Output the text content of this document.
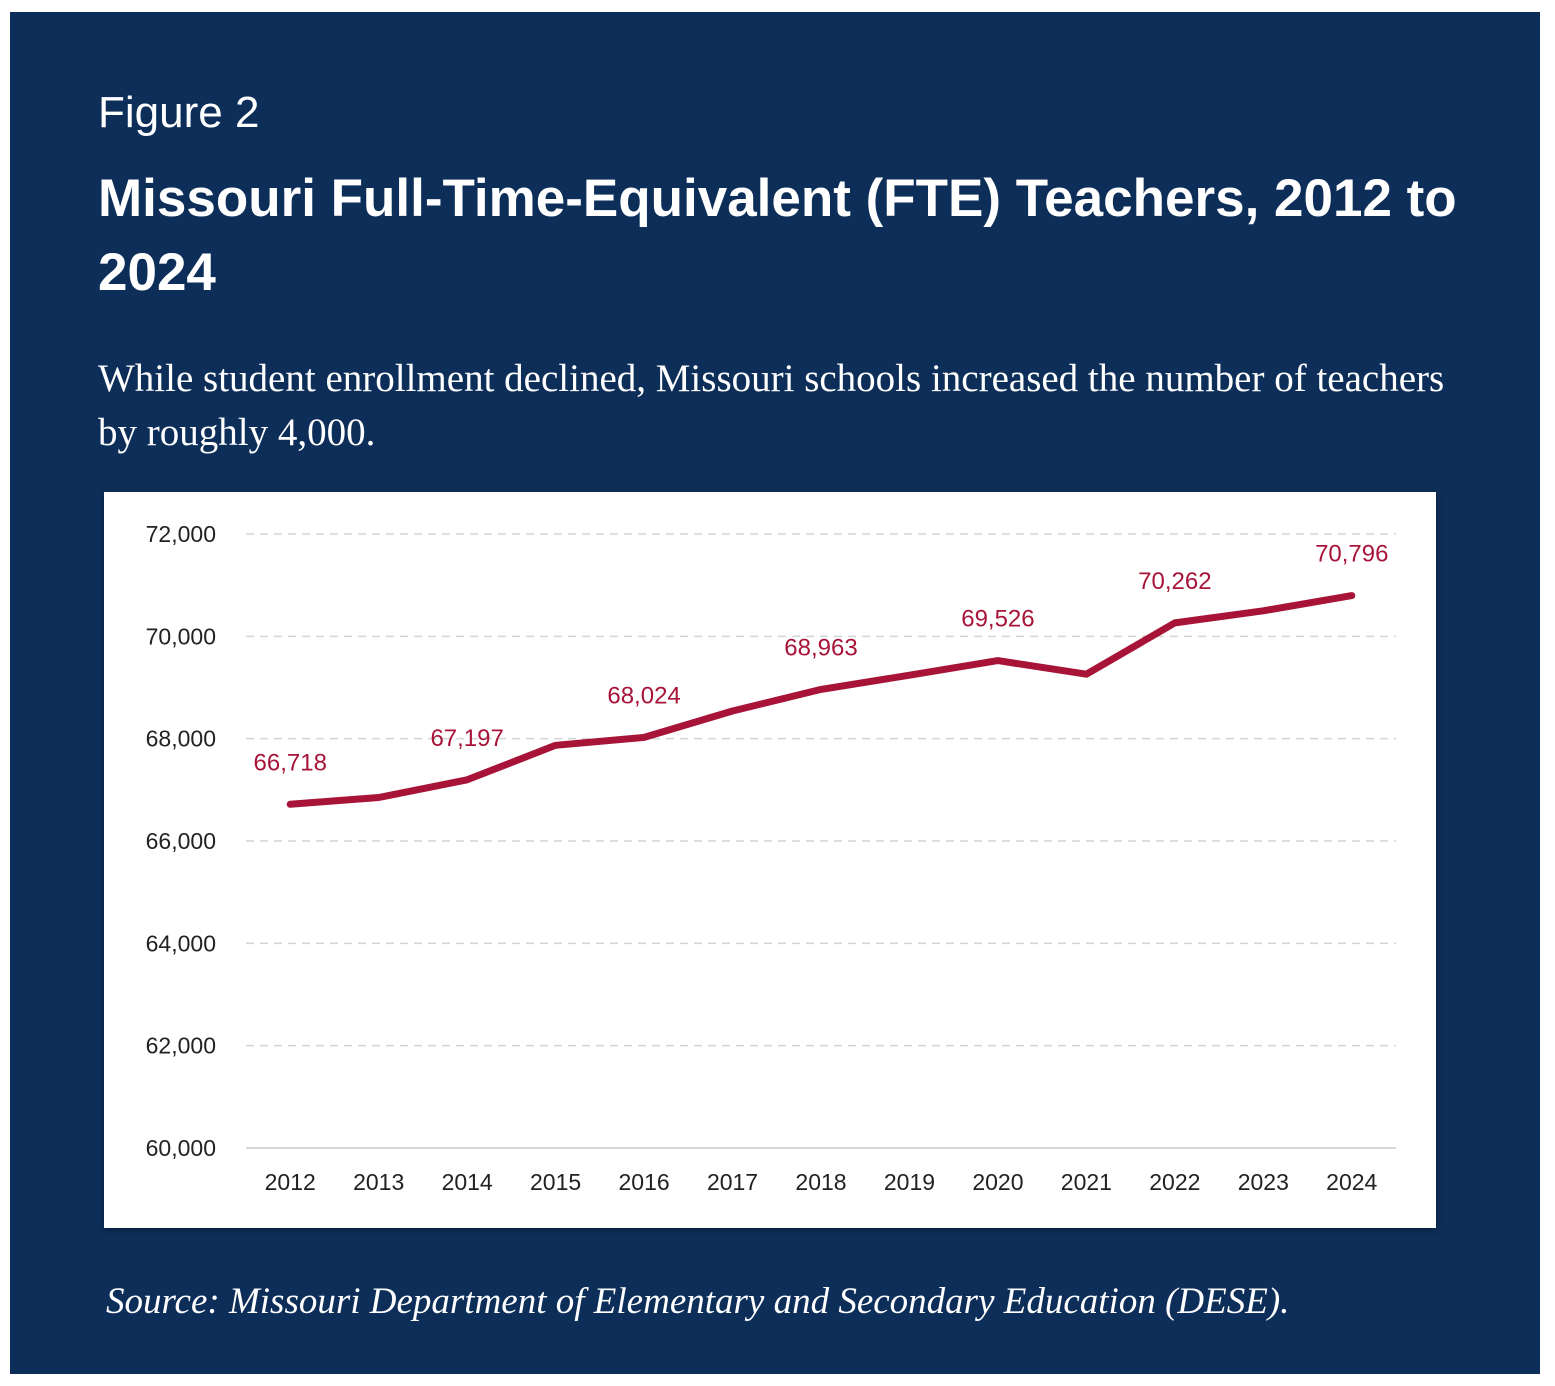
Figure 2
Missouri Full-Time-Equivalent (FTE) Teachers, 2012 to 2024
While student enrollment declined, Missouri schools increased the number of teachers by roughly 4,000.
60,000
62,000
64,000
66,000
68,000
70,000
72,000
2012 2013 2014 2015 2016 2017 2018 2019 2020 2021 2022 2023 2024
66,718
67,197
68,024
68,963
69,526
70,262
70,796
Source: Missouri Department of Elementary and Secondary Education (DESE).
